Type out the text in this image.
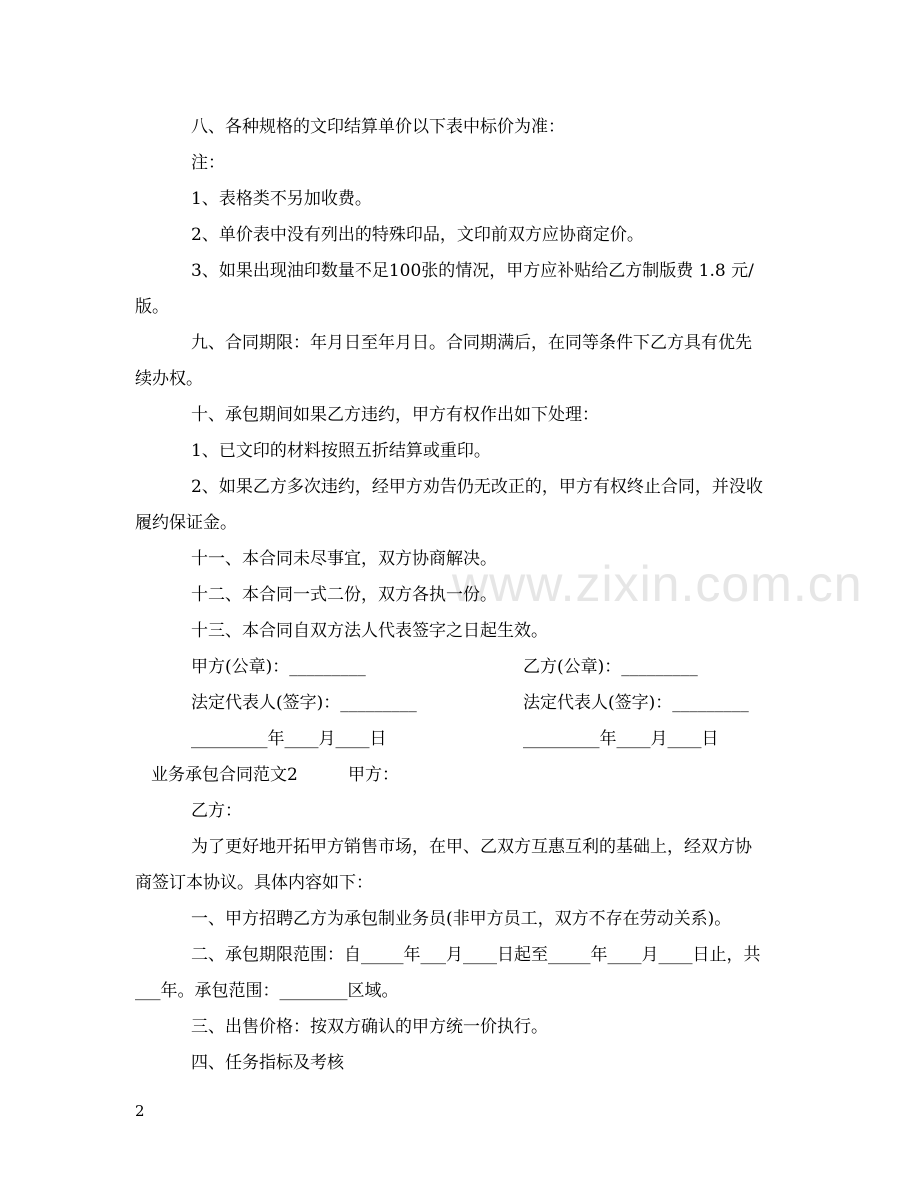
www.zixin.com.cn
八、各种规格的文印结算单价以下表中标价为准：
注：
1、表格类不另加收费。
2、单价表中没有列出的特殊印品，文印前双方应协商定价。
3、如果出现油印数量不足100张的情况，甲方应补贴给乙方制版费 1.8 元/
版。
九、合同期限：年月日至年月日。合同期满后，在同等条件下乙方具有优先
续办权。
十、承包期间如果乙方违约，甲方有权作出如下处理：
1、已文印的材料按照五折结算或重印。
2、如果乙方多次违约，经甲方劝告仍无改正的，甲方有权终止合同，并没收
履约保证金。
十一、本合同未尽事宜，双方协商解决。
十二、本合同一式二份，双方各执一份。
十三、本合同自双方法人代表签字之日起生效。
甲方(公章)：_________	乙方(公章)：_________
法定代表人(签字)：_________	法定代表人(签字)：_________
_________年____月____日	_________年____月____日
业务承包合同范文2	甲方：
乙方：
为了更好地开拓甲方销售市场，在甲、乙双方互惠互利的基础上，经双方协
商签订本协议。具体内容如下：
一、甲方招聘乙方为承包制业务员(非甲方员工，双方不存在劳动关系)。
二、承包期限范围：自_____年___月____日起至_____年____月____日止，共
___年。承包范围：________区域。
三、出售价格：按双方确认的甲方统一价执行。
四、任务指标及考核
2
